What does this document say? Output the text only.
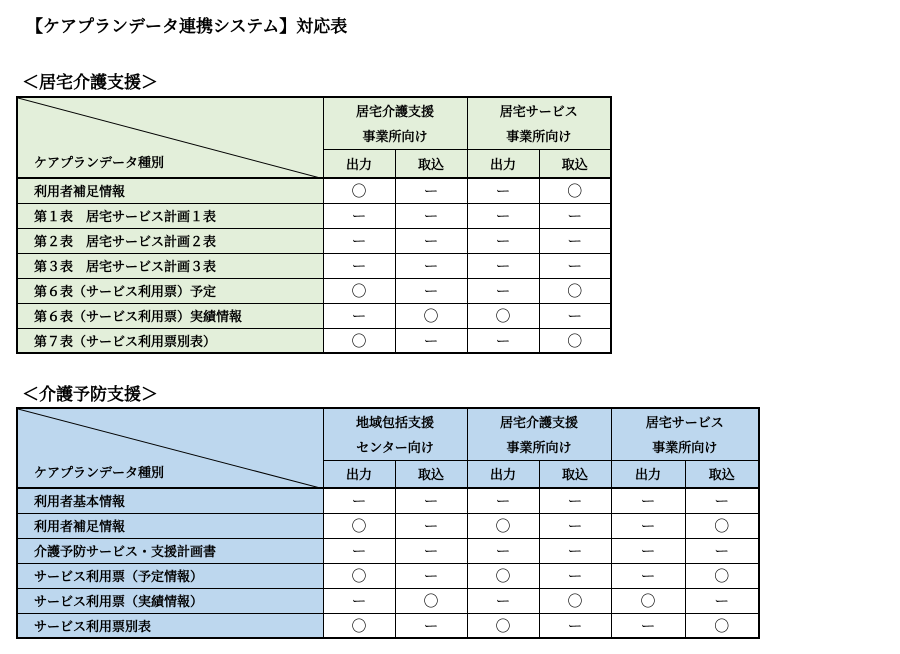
【ケアプランデータ連携システム】対応表
＜居宅介護支援＞
ケアプランデータ種別	居宅介護支援		居宅サービス	
	事業所向け		事業所向け	
	出力	取込	出力	取込
利用者補足情報	〇	ー	ー	〇
第１表　居宅サービス計画１表	ー	ー	ー	ー
第２表　居宅サービス計画２表	ー	ー	ー	ー
第３表　居宅サービス計画３表	ー	ー	ー	ー
第６表（サービス利用票）予定	〇	ー	ー	〇
第６表（サービス利用票）実績情報	ー	〇	〇	ー
第７表（サービス利用票別表）	〇	ー	ー	〇
＜介護予防支援＞
ケアプランデータ種別	地域包括支援		居宅介護支援		居宅サービス	
	センター向け		事業所向け		事業所向け	
	出力	取込	出力	取込	出力	取込
利用者基本情報	ー	ー	ー	ー	ー	ー
利用者補足情報	〇	ー	〇	ー	ー	〇
介護予防サービス・支援計画書	ー	ー	ー	ー	ー	ー
サービス利用票（予定情報）	〇	ー	〇	ー	ー	〇
サービス利用票（実績情報）	ー	〇	ー	〇	〇	ー
サービス利用票別表	〇	ー	〇	ー	ー	〇
